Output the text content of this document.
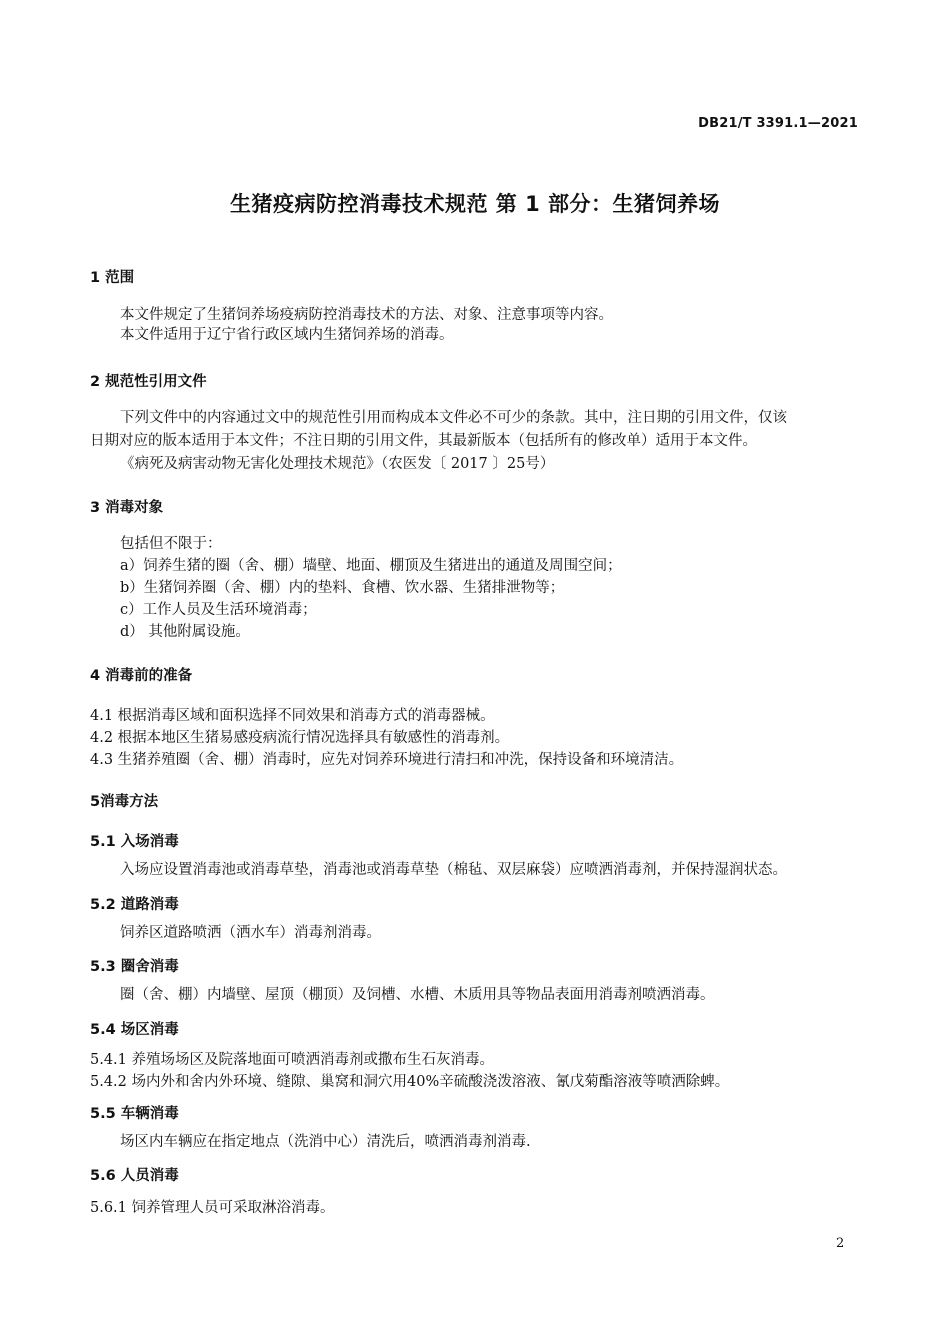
DB21/T 3391.1—2021
生猪疫病防控消毒技术规范 第 1 部分：生猪饲养场
1 范围
本文件规定了生猪饲养场疫病防控消毒技术的方法、对象、注意事项等内容。
本文件适用于辽宁省行政区域内生猪饲养场的消毒。
2 规范性引用文件
下列文件中的内容通过文中的规范性引用而构成本文件必不可少的条款。其中，注日期的引用文件，仅该
日期对应的版本适用于本文件；不注日期的引用文件，其最新版本（包括所有的修改单）适用于本文件。
《病死及病害动物无害化处理技术规范》（农医发〔 2017 〕25号）
3 消毒对象
包括但不限于：
a）饲养生猪的圈（舍、棚）墙壁、地面、棚顶及生猪进出的通道及周围空间；
b）生猪饲养圈（舍、棚）内的垫料、食槽、饮水器、生猪排泄物等；
c）工作人员及生活环境消毒；
d） 其他附属设施。
4 消毒前的准备
4.1 根据消毒区域和面积选择不同效果和消毒方式的消毒器械。
4.2 根据本地区生猪易感疫病流行情况选择具有敏感性的消毒剂。
4.3 生猪养殖圈（舍、棚）消毒时，应先对饲养环境进行清扫和冲洗，保持设备和环境清洁。
5消毒方法
5.1 入场消毒
入场应设置消毒池或消毒草垫，消毒池或消毒草垫（棉毡、双层麻袋）应喷洒消毒剂，并保持湿润状态。
5.2 道路消毒
饲养区道路喷洒（洒水车）消毒剂消毒。
5.3 圈舍消毒
圈（舍、棚）内墙壁、屋顶（棚顶）及饲槽、水槽、木质用具等物品表面用消毒剂喷洒消毒。
5.4 场区消毒
5.4.1 养殖场场区及院落地面可喷洒消毒剂或撒布生石灰消毒。
5.4.2 场内外和舍内外环境、缝隙、巢窝和洞穴用40%辛硫酸浇泼溶液、氰戊菊酯溶液等喷洒除蜱。
5.5 车辆消毒
场区内车辆应在指定地点（洗消中心）清洗后，喷洒消毒剂消毒.
5.6 人员消毒
5.6.1 饲养管理人员可采取淋浴消毒。
2
